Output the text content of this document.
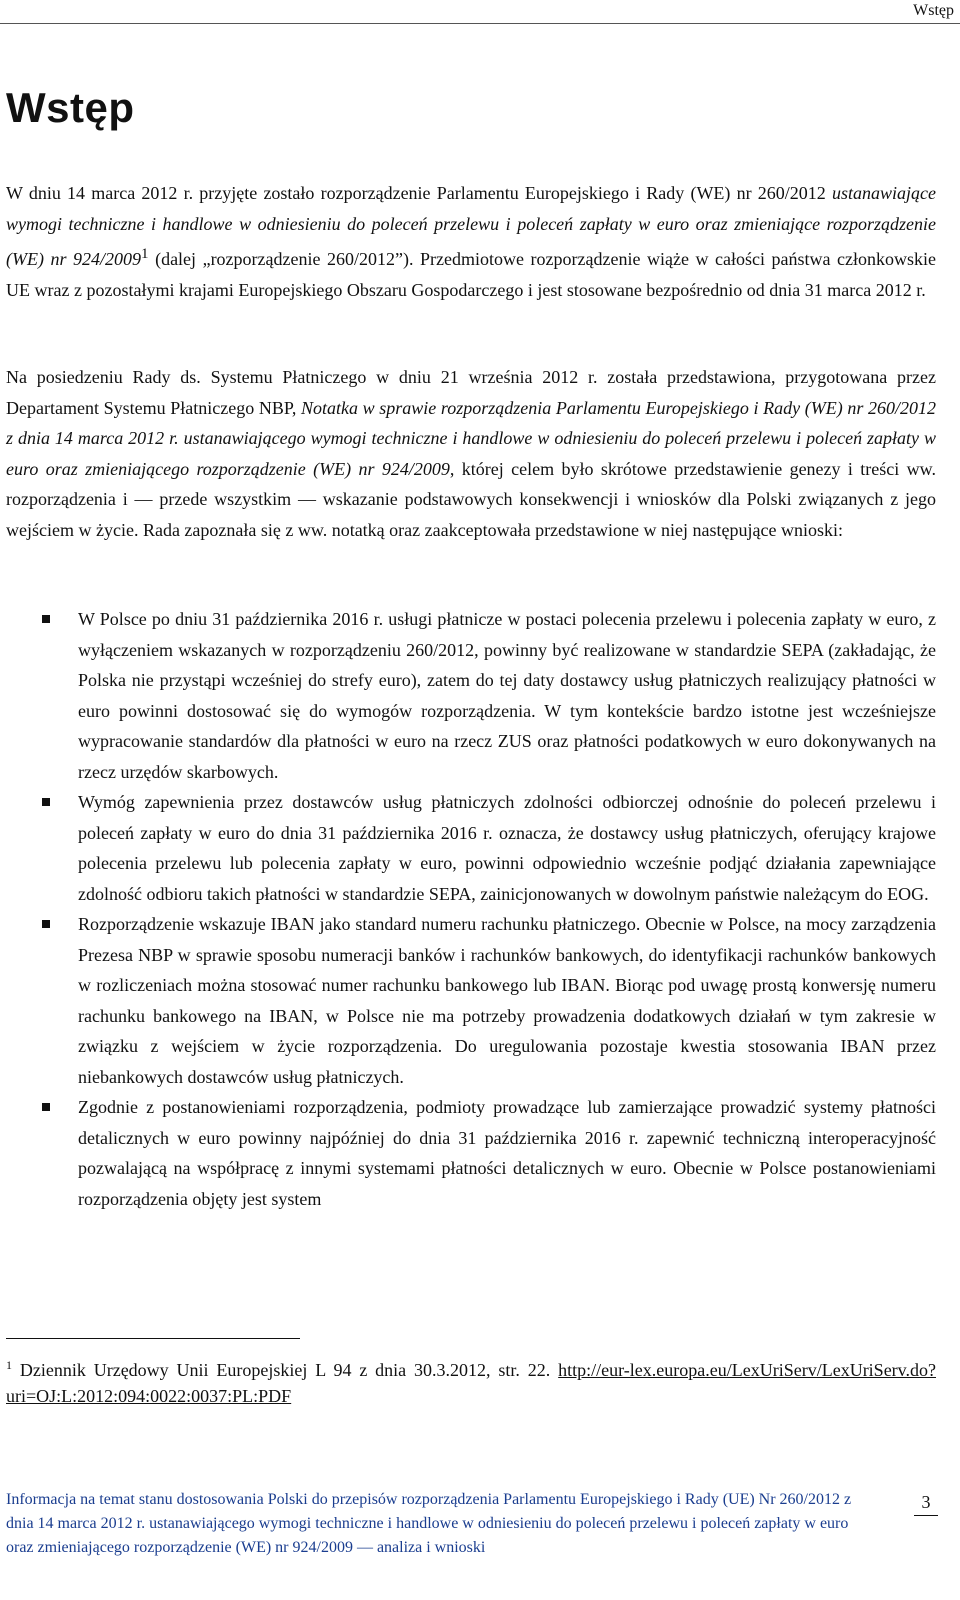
Wstęp
Wstęp

W dniu 14 marca 2012 r. przyjęte zostało rozporządzenie Parlamentu Europejskiego i Rady (WE) nr 260/2012 ustanawiające wymogi techniczne i handlowe w odniesieniu do poleceń przelewu i poleceń zapłaty w euro oraz zmieniające rozporządzenie (WE) nr 924/2009$^1$ (dalej „rozporządzenie 260/2012”). Przedmiotowe rozporządzenie wiąże w całości państwa członkowskie UE wraz z pozostałymi krajami Europejskiego Obszaru Gospodarczego i jest stosowane bezpośrednio od dnia 31 marca 2012 r.

Na posiedzeniu Rady ds. Systemu Płatniczego w dniu 21 września 2012 r. została przedstawiona, przygotowana przez Departament Systemu Płatniczego NBP, Notatka w sprawie rozporządzenia Parlamentu Europejskiego i Rady (WE) nr 260/2012 z dnia 14 marca 2012 r. ustanawiającego wymogi techniczne i handlowe w odniesieniu do poleceń przelewu i poleceń zapłaty w euro oraz zmieniającego rozporządzenie (WE) nr 924/2009, której celem było skrótowe przedstawienie genezy i treści ww. rozporządzenia i — przede wszystkim — wskazanie podstawowych konsekwencji i wniosków dla Polski związanych z jego wejściem w życie. Rada zapoznała się z ww. notatką oraz zaakceptowała przedstawione w niej następujące wnioski:

W Polsce po dniu 31 października 2016 r. usługi płatnicze w postaci polecenia przelewu i polecenia zapłaty w euro, z wyłączeniem wskazanych w rozporządzeniu 260/2012, powinny być realizowane w standardzie SEPA (zakładając, że Polska nie przystąpi wcześniej do strefy euro), zatem do tej daty dostawcy usług płatniczych realizujący płatności w euro powinni dostosować się do wymogów rozporządzenia. W tym kontekście bardzo istotne jest wcześniejsze wypracowanie standardów dla płatności w euro na rzecz ZUS oraz płatności podatkowych w euro dokonywanych na rzecz urzędów skarbowych.
Wymóg zapewnienia przez dostawców usług płatniczych zdolności odbiorczej odnośnie do poleceń przelewu i poleceń zapłaty w euro do dnia 31 października 2016 r. oznacza, że dostawcy usług płatniczych, oferujący krajowe polecenia przelewu lub polecenia zapłaty w euro, powinni odpowiednio wcześnie podjąć działania zapewniające zdolność odbioru takich płatności w standardzie SEPA, zainicjonowanych w dowolnym państwie należącym do EOG.
Rozporządzenie wskazuje IBAN jako standard numeru rachunku płatniczego. Obecnie w Polsce, na mocy zarządzenia Prezesa NBP w sprawie sposobu numeracji banków i rachunków bankowych, do identyfikacji rachunków bankowych w rozliczeniach można stosować numer rachunku bankowego lub IBAN. Biorąc pod uwagę prostą konwersję numeru rachunku bankowego na IBAN, w Polsce nie ma potrzeby prowadzenia dodatkowych działań w tym zakresie w związku z wejściem w życie rozporządzenia. Do uregulowania pozostaje kwestia stosowania IBAN przez niebankowych dostawców usług płatniczych.
Zgodnie z postanowieniami rozporządzenia, podmioty prowadzące lub zamierzające prowadzić systemy płatności detalicznych w euro powinny najpóźniej do dnia 31 października 2016 r. zapewnić techniczną interoperacyjność pozwalającą na współpracę z innymi systemami płatności detalicznych w euro. Obecnie w Polsce postanowieniami rozporządzenia objęty jest system

$^1$ Dziennik Urzędowy Unii Europejskiej L 94 z dnia 30.3.2012, str. 22. http://eur-lex.europa.eu/LexUriServ/LexUriServ.do?uri=OJ:L:2012:094:0022:0037:PL:PDF

Informacja na temat stanu dostosowania Polski do przepisów rozporządzenia Parlamentu Europejskiego i Rady (UE) Nr 260/2012 z dnia 14 marca 2012 r. ustanawiającego wymogi techniczne i handlowe w odniesieniu do poleceń przelewu i poleceń zapłaty w euro oraz zmieniającego rozporządzenie (WE) nr 924/2009 — analiza i wnioski

3
